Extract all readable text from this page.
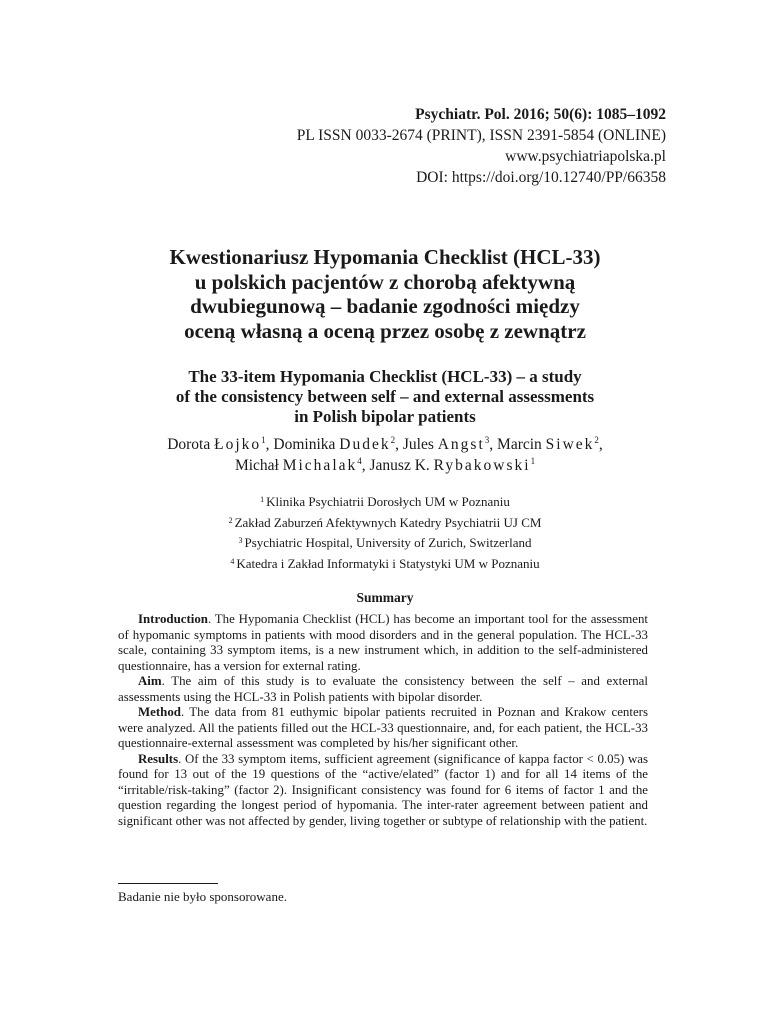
Psychiatr. Pol. 2016; 50(6): 1085–1092
PL ISSN 0033-2674 (PRINT), ISSN 2391-5854 (ONLINE)
www.psychiatriapolska.pl
DOI: https://doi.org/10.12740/PP/66358
Kwestionariusz Hypomania Checklist (HCL-33)
u polskich pacjentów z chorobą afektywną
dwubiegunową – badanie zgodności między
oceną własną a oceną przez osobę z zewnątrz
The 33-item Hypomania Checklist (HCL-33) – a study
of the consistency between self – and external assessments
in Polish bipolar patients
Dorota Łojko$^1$, Dominika Dudek$^2$, Jules Angst$^3$, Marcin Siwek$^2$,
Michał Michalak$^4$, Janusz K. Rybakowski$^1$
$^1$ Klinika Psychiatrii Dorosłych UM w Poznaniu
$^2$ Zakład Zaburzeń Afektywnych Katedry Psychiatrii UJ CM
$^3$ Psychiatric Hospital, University of Zurich, Switzerland
$^4$ Katedra i Zakład Informatyki i Statystyki UM w Poznaniu
Summary

Introduction. The Hypomania Checklist (HCL) has become an important tool for the assessment of hypomanic symptoms in patients with mood disorders and in the general population. The HCL-33 scale, containing 33 symptom items, is a new instrument which, in addition to the self-administered questionnaire, has a version for external rating.

Aim. The aim of this study is to evaluate the consistency between the self – and external assessments using the HCL-33 in Polish patients with bipolar disorder.

Method. The data from 81 euthymic bipolar patients recruited in Poznan and Krakow centers were analyzed. All the patients filled out the HCL-33 questionnaire, and, for each patient, the HCL-33 questionnaire-external assessment was completed by his/her significant other.

Results. Of the 33 symptom items, sufficient agreement (significance of kappa factor < 0.05) was found for 13 out of the 19 questions of the “active/elated” (factor 1) and for all 14 items of the “irritable/risk-taking” (factor 2). Insignificant consistency was found for 6 items of factor 1 and the question regarding the longest period of hypomania. The inter-rater agreement between patient and significant other was not affected by gender, living together or subtype of relationship with the patient.

Badanie nie było sponsorowane.
